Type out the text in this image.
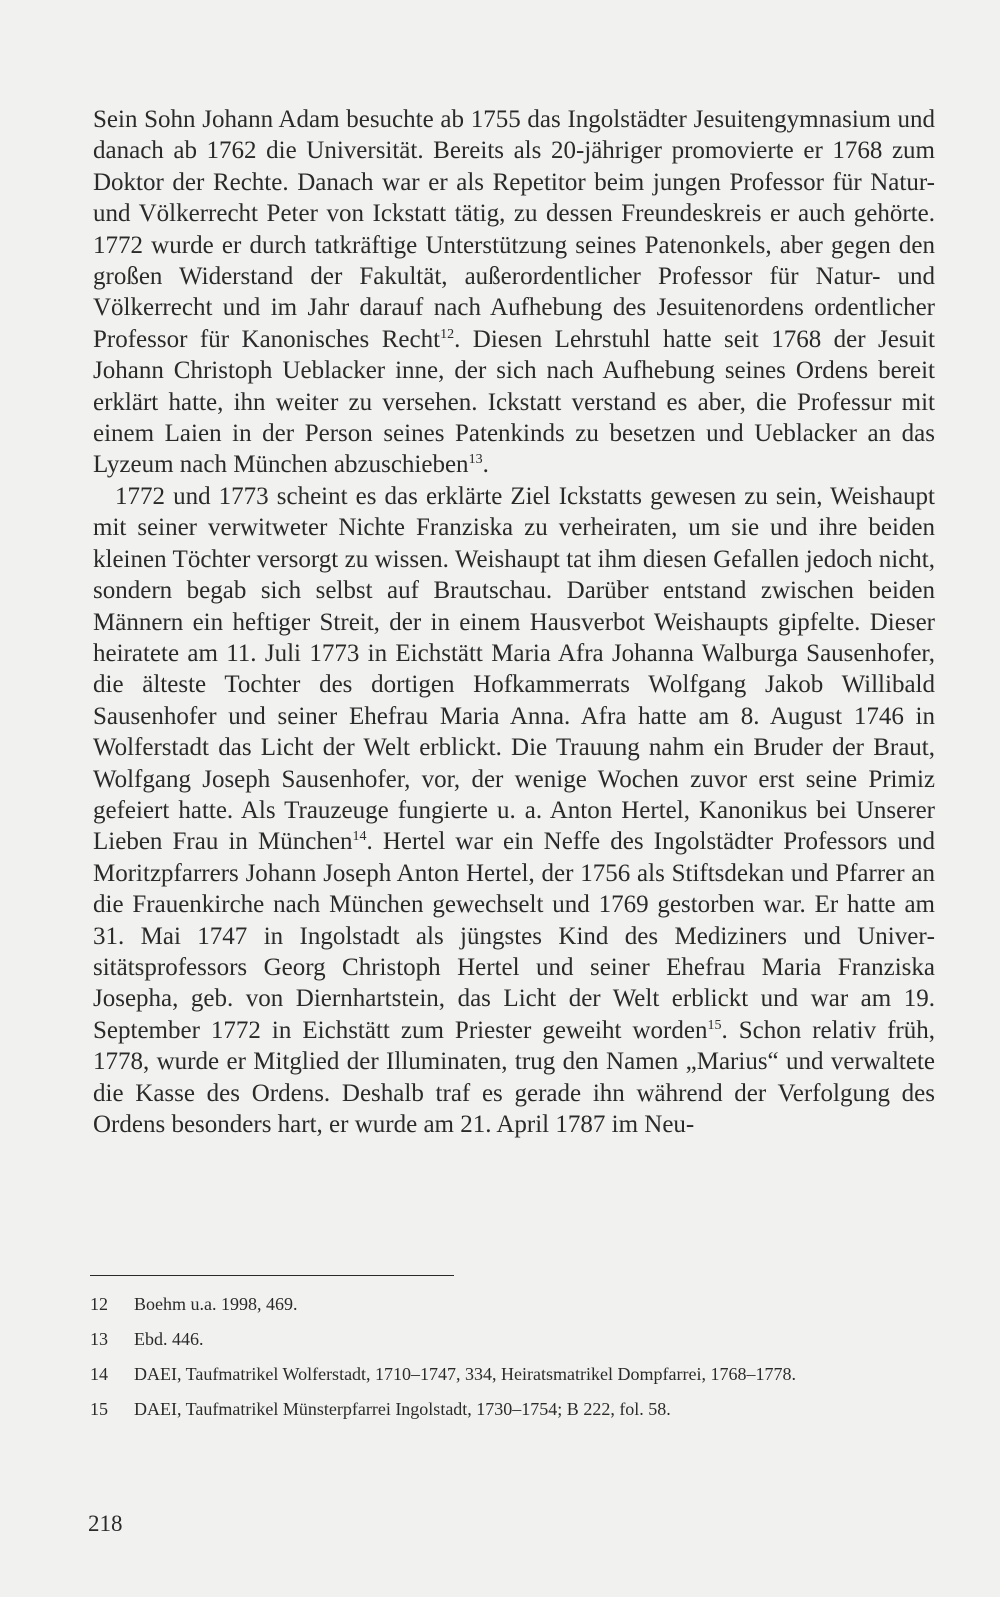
Sein Sohn Johann Adam besuchte ab 1755 das Ingolstädter Jesuitengymnasium und danach ab 1762 die Universität. Bereits als 20-jähriger promovierte er 1768 zum Doktor der Rechte. Danach war er als Repetitor beim jungen Professor für Natur- und Völkerrecht Peter von Ickstatt tätig, zu dessen Freundeskreis er auch gehörte. 1772 wurde er durch tatkräftige Unterstützung seines Patenonkels, aber gegen den großen Widerstand der Fakultät, außerordentlicher Professor für Natur- und Völkerrecht und im Jahr darauf nach Aufhebung des Jesuitenordens ordentlicher Professor für Kanonisches Recht$^{12}$. Diesen Lehrstuhl hatte seit 1768 der Jesuit Johann Christoph Ueblacker inne, der sich nach Aufhebung seines Ordens bereit erklärt hatte, ihn weiter zu versehen. Ickstatt verstand es aber, die Professur mit einem Laien in der Person seines Patenkinds zu besetzen und Ueblacker an das Lyzeum nach München abzuschieben$^{13}$.

1772 und 1773 scheint es das erklärte Ziel Ickstatts gewesen zu sein, Weishaupt mit seiner verwitweter Nichte Franziska zu verheiraten, um sie und ihre beiden kleinen Töchter versorgt zu wissen. Weishaupt tat ihm diesen Gefallen jedoch nicht, sondern begab sich selbst auf Brautschau. Darüber entstand zwischen beiden Männern ein heftiger Streit, der in einem Hausverbot Weishaupts gipfelte. Dieser heiratete am 11. Juli 1773 in Eichstätt Maria Afra Johanna Walburga Sausenhofer, die älteste Tochter des dortigen Hofkammerrats Wolfgang Jakob Willibald Sausenhofer und seiner Ehefrau Maria Anna. Afra hatte am 8. August 1746 in Wolferstadt das Licht der Welt erblickt. Die Trauung nahm ein Bruder der Braut, Wolfgang Joseph Sausenhofer, vor, der wenige Wochen zuvor erst seine Primiz gefeiert hatte. Als Trauzeuge fungierte u. a. Anton Hertel, Kanonikus bei Unserer Lieben Frau in München$^{14}$. Hertel war ein Neffe des Ingolstädter Professors und Moritzpfarrers Johann Joseph Anton Hertel, der 1756 als Stiftsdekan und Pfarrer an die Frauenkirche nach München gewechselt und 1769 gestorben war. Er hatte am 31. Mai 1747 in Ingolstadt als jüngstes Kind des Mediziners und Universitätsprofessors Georg Christoph Hertel und seiner Ehefrau Maria Franziska Josepha, geb. von Diernhartstein, das Licht der Welt erblickt und war am 19. September 1772 in Eichstätt zum Priester geweiht worden$^{15}$. Schon relativ früh, 1778, wurde er Mitglied der Illuminaten, trug den Namen „Marius“ und verwaltete die Kasse des Ordens. Deshalb traf es gerade ihn während der Verfolgung des Ordens besonders hart, er wurde am 21. April 1787 im Neu-

12	Boehm u.a. 1998, 469.
13	Ebd. 446.
14	DAEI, Taufmatrikel Wolferstadt, 1710–1747, 334, Heiratsmatrikel Dompfarrei, 1768–1778.
15	DAEI, Taufmatrikel Münsterpfarrei Ingolstadt, 1730–1754; B 222, fol. 58.
218
